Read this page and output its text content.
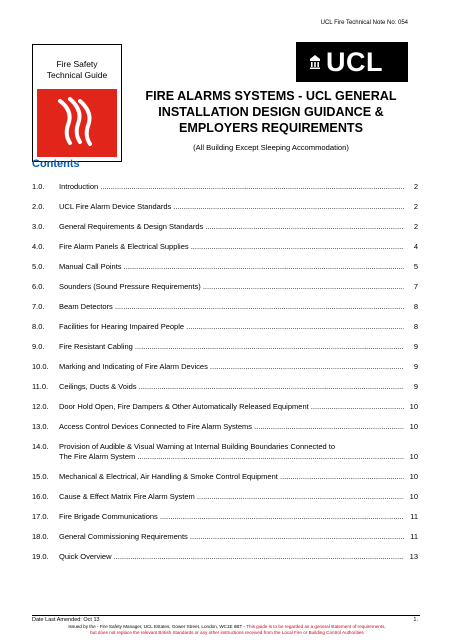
UCL Fire Technical Note No: 054
Fire Safety
Technical Guide
Contents
UCL
FIRE ALARMS SYSTEMS - UCL GENERAL
INSTALLATION DESIGN GUIDANCE &
EMPLOYERS REQUIREMENTS
(All Building Except Sleeping Accommodation)
1.0. Introduction .....	2
2.0. UCL Fire Alarm Device Standards .....	2
3.0. General Requirements & Design Standards .....	2
4.0. Fire Alarm Panels & Electrical Supplies .....	4
5.0. Manual Call Points .....	5
6.0. Sounders (Sound Pressure Requirements) .....	7
7.0. Beam Detectors .....	8
8.0. Facilities for Hearing Impaired People .....	8
9.0. Fire Resistant Cabling .....	9
10.0. Marking and Indicating of Fire Alarm Devices .....	9
11.0. Ceilings, Ducts & Voids .....	9
12.0. Door Hold Open, Fire Dampers & Other Automatically Released Equipment .....	10
13.0. Access Control Devices Connected to Fire Alarm Systems .....	10
14.0. Provision of Audible & Visual Warning at Internal Building Boundaries Connected to
The Fire Alarm System .....	10
15.0. Mechanical & Electrical, Air Handling & Smoke Control Equipment .....	10
16.0. Cause & Effect Matrix Fire Alarm System .....	10
17.0. Fire Brigade Communications .....	11
18.0. General Commissioning Requirements .....	11
19.0. Quick Overview .....	13
Date Last Amended: Oct 13	1.
Issued by the - Fire Safety Manager, UCL Estates, Gower Street, London, WC1E 6BT - This guide is to be regarded as a general statement of requirements,
but does not replace the relevant British Standards or any other instructions received from the Local Fire or Building Control Authorities
